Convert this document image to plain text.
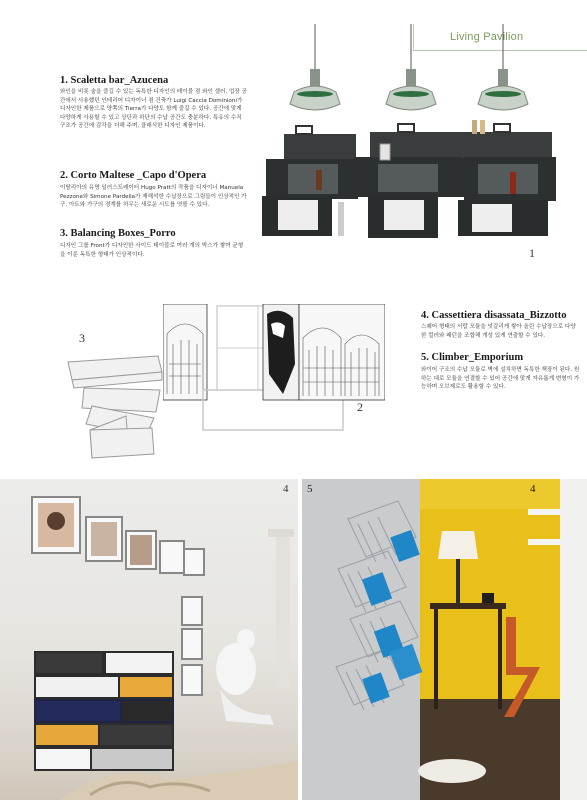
Living Pavilion
1
1. Scaletta bar_Azucena
와인을 비롯 술을 즐길 수 있는 독특한 디자인의 테이블 겸 와인 셀러. 업장 공간에서 사용했던 인테리어 디자이너 겸 건축가 Luigi Caccia Dominioni가 디자인한 제품으로 양쪽의 Tierra가 다양도 함께 즐길 수 있다. 공간에 맞게 다양하게 사용할 수 있고 상단과 하단의 수납 공간도 충분하다. 특유의 수직 구조가 공간에 감각을 더해 주며, 클래식한 디자인 제품이다.
2. Corto Maltese _Capo d'Opera
이탈리아의 유명 일러스트레이터 Hugo Pratt의 작품을 디자이너 Manuela Pezzone와 Simone Pardella가 재해석한 수납장으로 그림들이 인상적인 가구. 아트와 가구의 경계를 허무는 새로운 시도를 엿볼 수 있다.
3. Balancing Boxes_Porro
디자인 그룹 Front가 디자인한 사이드 테이블로 여러 개의 박스가 쌓여 균형을 이룬 독특한 형태가 인상적이다.
3
2
4. Cassettiera disassata_Bizzotto
스퀘어 형태의 서랍 모듈을 엇갈리게 쌓아 올린 수납장으로 다양한 컬러와 패턴을 조합해 개성 있게 연출할 수 있다.
5. Climber_Emporium
와이어 구조의 수납 모듈로 벽에 설치하면 독특한 책장이 된다. 원하는 대로 모듈을 연결할 수 있어 공간에 맞게 자유롭게 변형이 가능하며 오브제로도 활용할 수 있다.
4 5	4
